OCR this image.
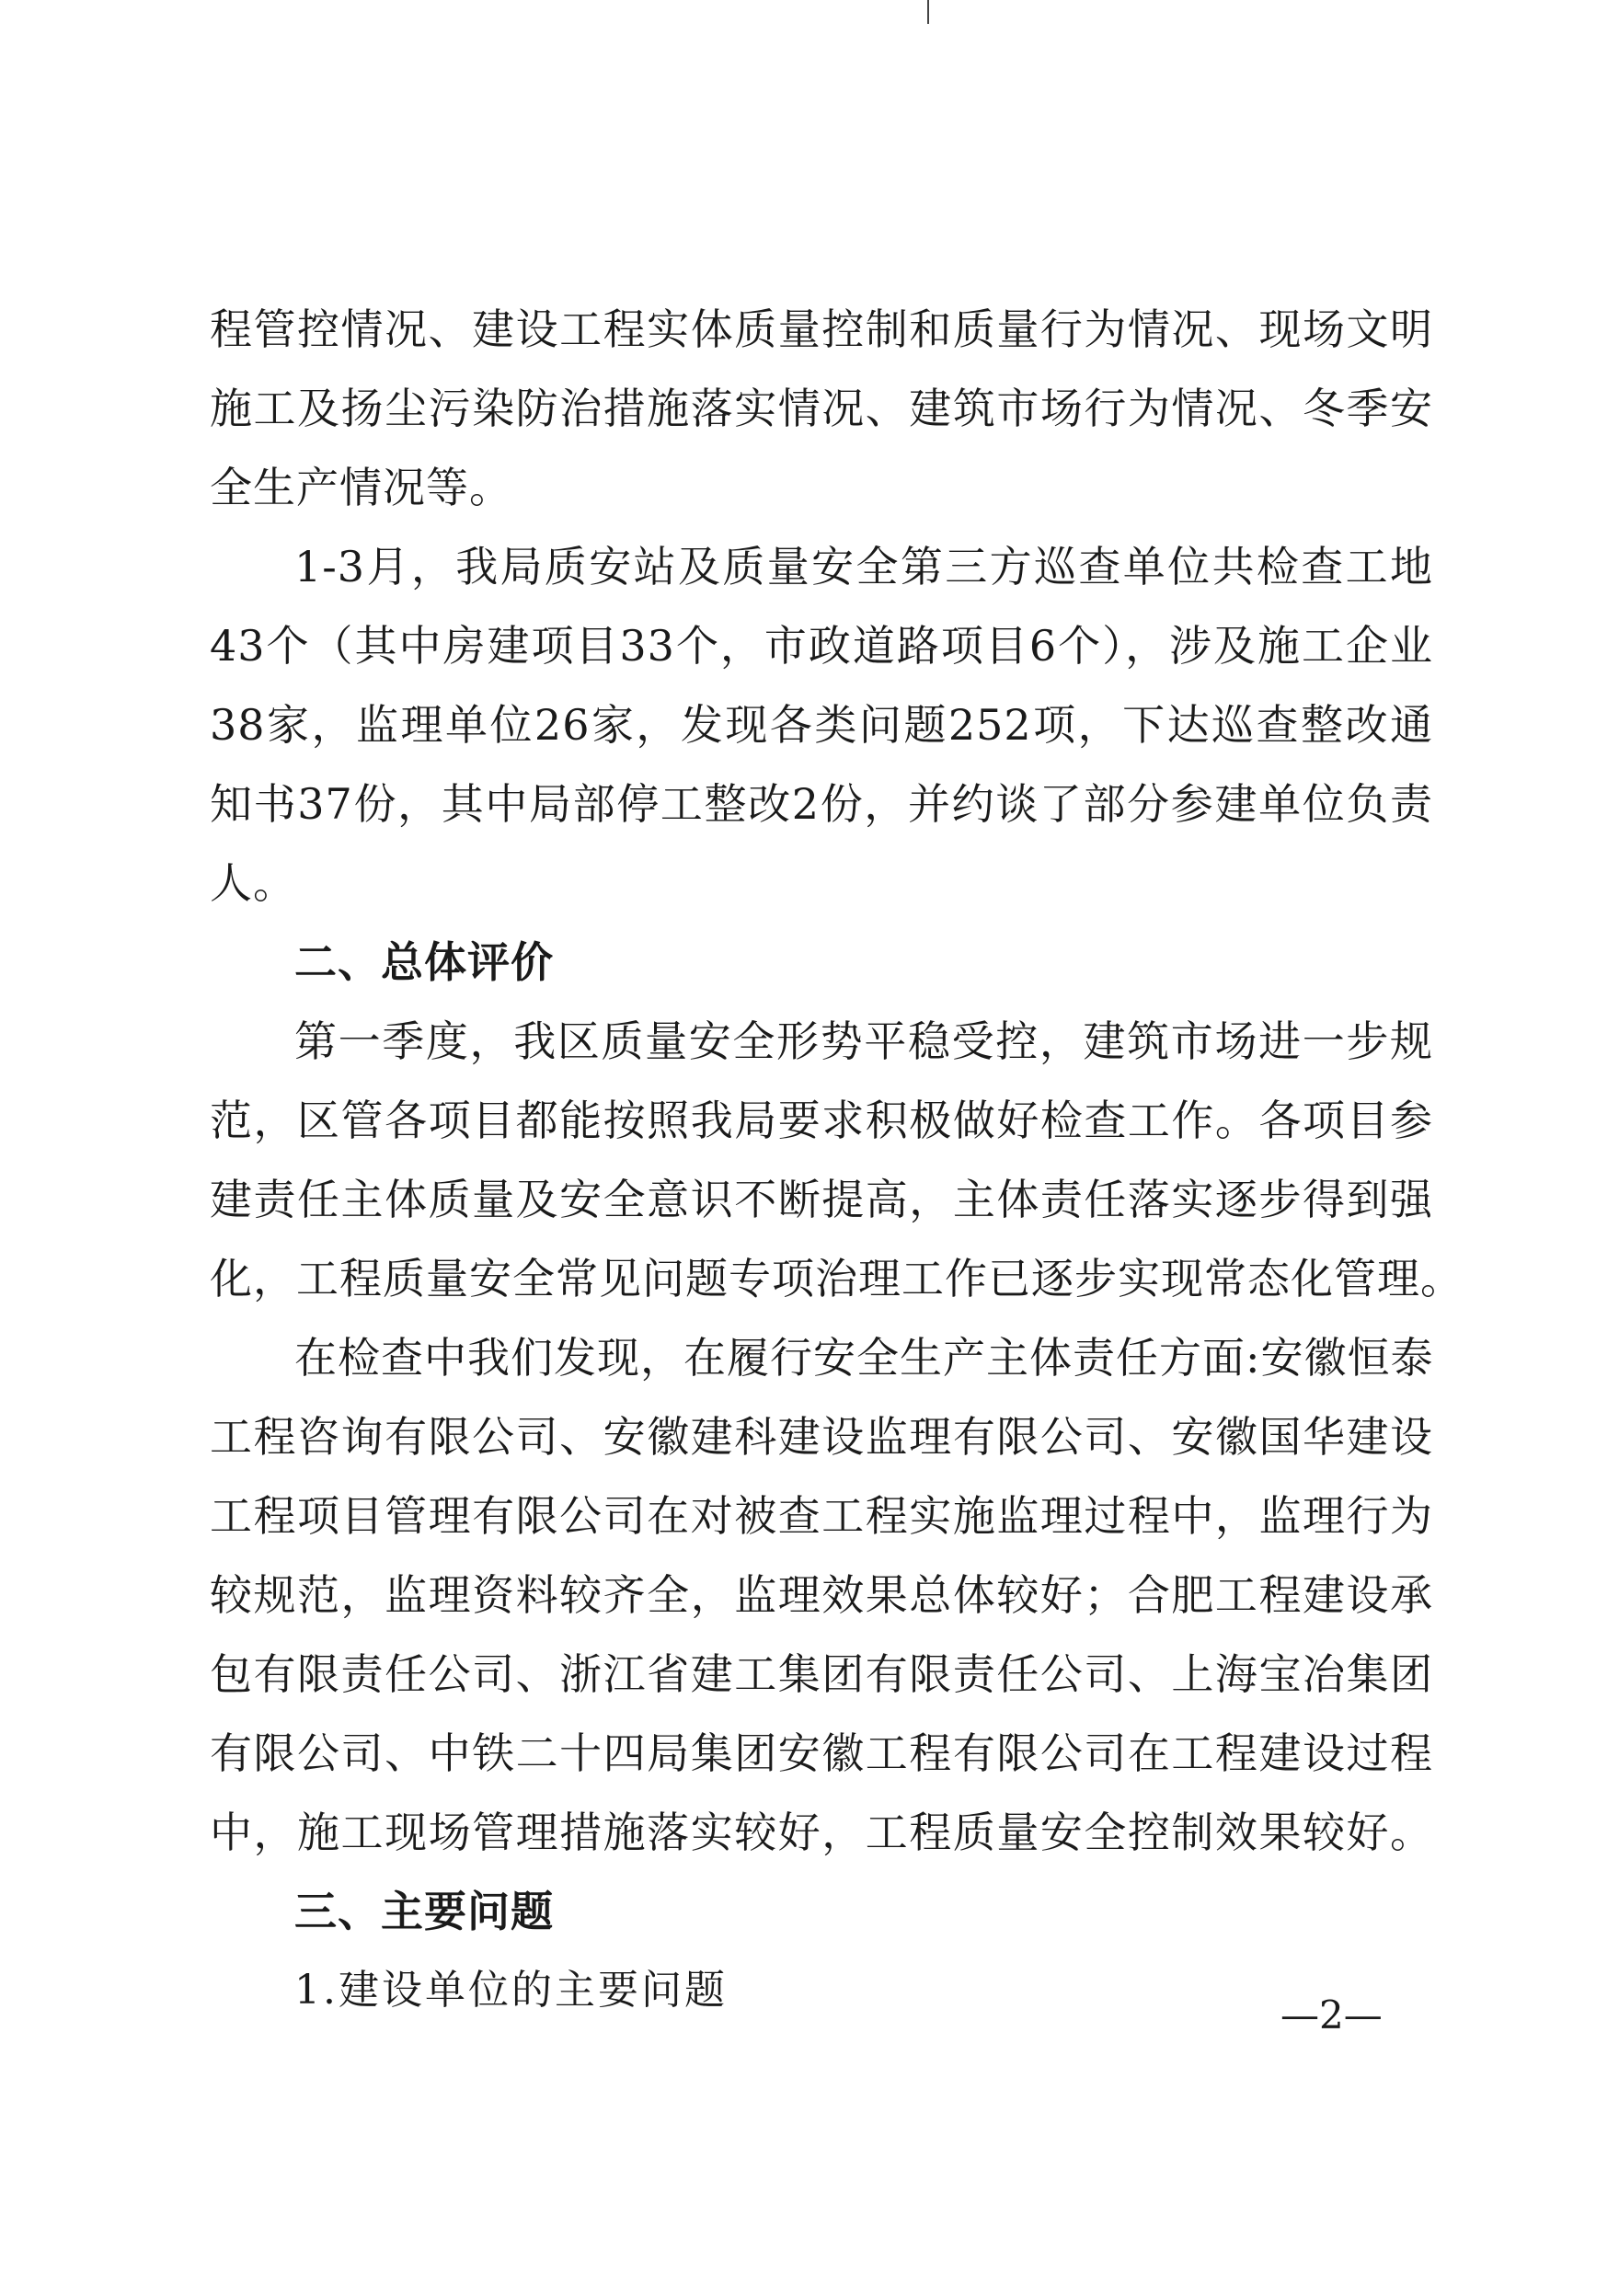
程管控情况、建设工程实体质量控制和质量行为情况、现场文明
施工及扬尘污染防治措施落实情况、建筑市场行为情况、冬季安
全生产情况等。
1-3月，我局质安站及质量安全第三方巡查单位共检查工地
43个（其中房建项目33个，市政道路项目6个），涉及施工企业
38家，监理单位26家，发现各类问题252项，下达巡查整改通
知书37份，其中局部停工整改2份，并约谈了部分参建单位负责
人。
二、总体评价
第一季度，我区质量安全形势平稳受控，建筑市场进一步规
范，区管各项目都能按照我局要求积极做好检查工作。各项目参
建责任主体质量及安全意识不断提高，主体责任落实逐步得到强
化，工程质量安全常见问题专项治理工作已逐步实现常态化管理。
在检查中我们发现，在履行安全生产主体责任方面:安徽恒泰
工程咨询有限公司、安徽建科建设监理有限公司、安徽国华建设
工程项目管理有限公司在对被查工程实施监理过程中，监理行为
较规范，监理资料较齐全，监理效果总体较好；合肥工程建设承
包有限责任公司、浙江省建工集团有限责任公司、上海宝冶集团
有限公司、中铁二十四局集团安徽工程有限公司在工程建设过程
中，施工现场管理措施落实较好，工程质量安全控制效果较好。
三、主要问题
1.建设单位的主要问题
—2—
